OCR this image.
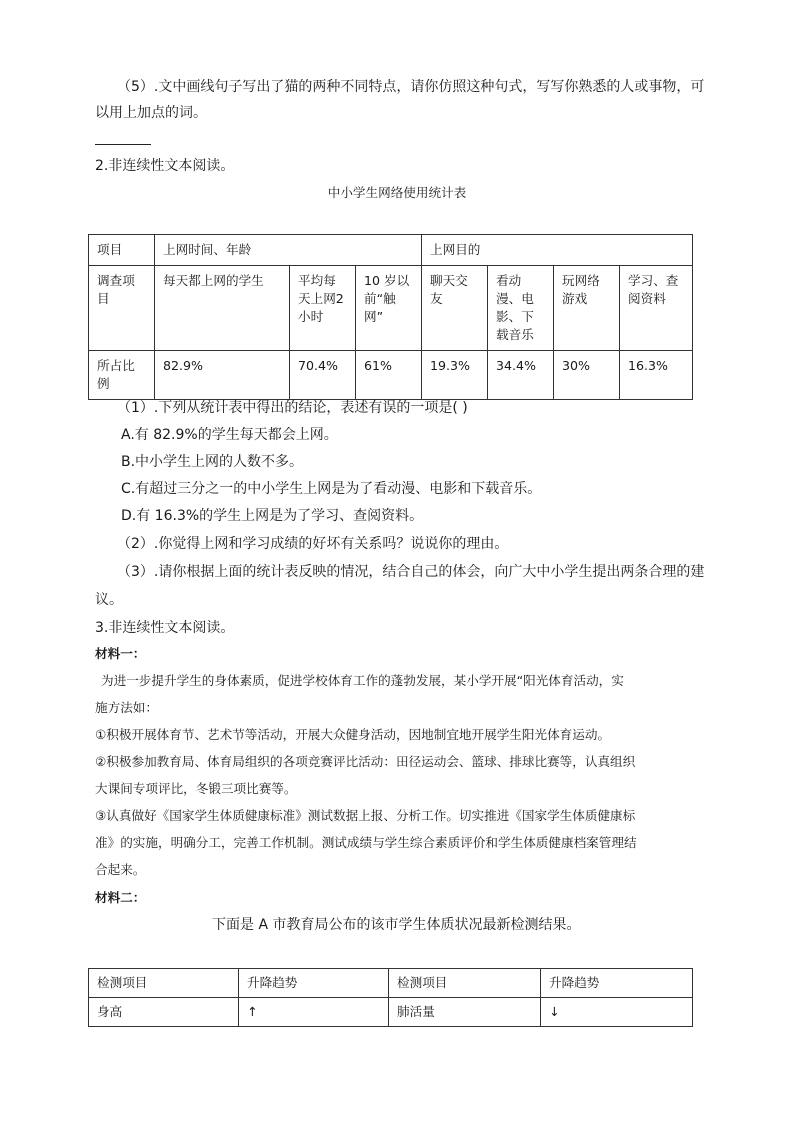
（5）.文中画线句子写出了猫的两种不同特点，请你仿照这种句式，写写你熟悉的人或事物，可
以用上加点的词。
2.非连续性文本阅读。
中小学生网络使用统计表
项目	上网时间、年龄			上网目的			
调查项目	每天都上网的学生	平均每天上网2 小时	10 岁以前“触网”	聊天交友	看动漫、电影、下载音乐	玩网络游戏	学习、查阅资料
所占比例	82.9%	70.4%	61%	19.3%	34.4%	30%	16.3%
（1）.下列从统计表中得出的结论，表述有误的一项是( )
A.有 82.9%的学生每天都会上网。
B.中小学生上网的人数不多。
C.有超过三分之一的中小学生上网是为了看动漫、电影和下载音乐。
D.有 16.3%的学生上网是为了学习、查阅资料。
（2）.你觉得上网和学习成绩的好坏有关系吗？说说你的理由。
（3）.请你根据上面的统计表反映的情况，结合自己的体会，向广大中小学生提出两条合理的建
议。
3.非连续性文本阅读。
材料一：
为进一步提升学生的身体素质，促进学校体育工作的蓬勃发展，某小学开展“阳光体育活动，实
施方法如：
①积极开展体育节、艺术节等活动，开展大众健身活动，因地制宜地开展学生阳光体育运动。
②积极参加教育局、体育局组织的各项竞赛评比活动：田径运动会、篮球、排球比赛等，认真组织
大课间专项评比，冬锻三项比赛等。
③认真做好《国家学生体质健康标准》测试数据上报、分析工作。切实推进《国家学生体质健康标
准》的实施，明确分工，完善工作机制。测试成绩与学生综合素质评价和学生体质健康档案管理结
合起来。
材料二：
下面是 A 市教育局公布的该市学生体质状况最新检测结果。
检测项目	升降趋势	检测项目	升降趋势
身高	↑	肺活量	↓
